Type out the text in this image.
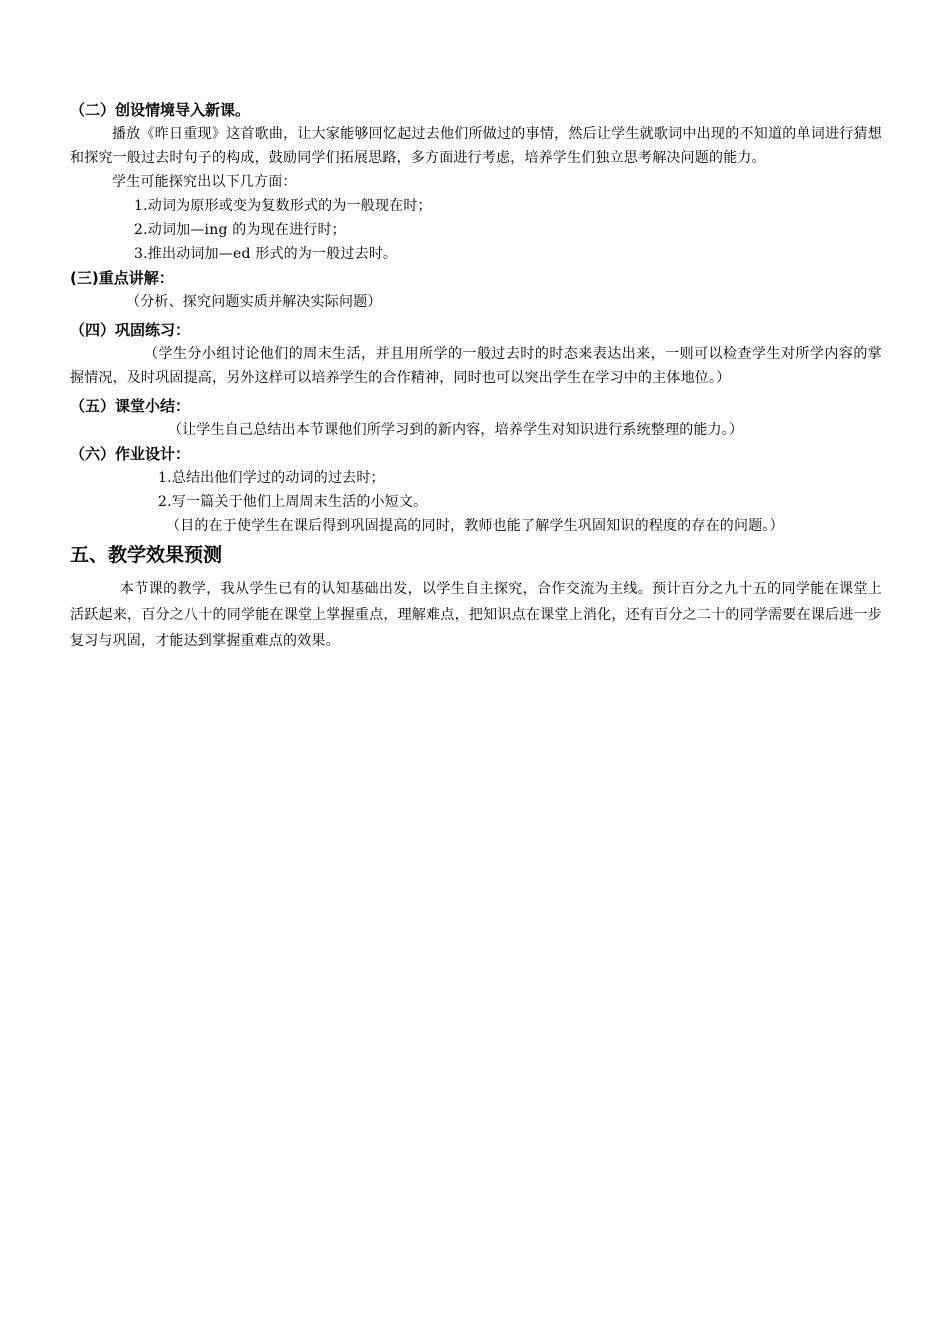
（二）创设情境导入新课。
播放《昨日重现》这首歌曲，让大家能够回忆起过去他们所做过的事情，然后让学生就歌词中出现的不知道的单词进行猜想和探究一般过去时句子的构成，鼓励同学们拓展思路，多方面进行考虑，培养学生们独立思考解决问题的能力。
学生可能探究出以下几方面：
1.动词为原形或变为复数形式的为一般现在时；
2.动词加—ing 的为现在进行时；
3.推出动词加—ed 形式的为一般过去时。
(三)重点讲解：
（分析、探究问题实质并解决实际问题）
（四）巩固练习：
（学生分小组讨论他们的周末生活，并且用所学的一般过去时的时态来表达出来，一则可以检查学生对所学内容的掌握情况，及时巩固提高，另外这样可以培养学生的合作精神，同时也可以突出学生在学习中的主体地位。）
（五）课堂小结：
（让学生自己总结出本节课他们所学习到的新内容，培养学生对知识进行系统整理的能力。）
（六）作业设计：
1.总结出他们学过的动词的过去时；
2.写一篇关于他们上周周末生活的小短文。
（目的在于使学生在课后得到巩固提高的同时，教师也能了解学生巩固知识的程度的存在的问题。）
五、教学效果预测
本节课的教学，我从学生已有的认知基础出发，以学生自主探究，合作交流为主线。预计百分之九十五的同学能在课堂上活跃起来，百分之八十的同学能在课堂上掌握重点，理解难点，把知识点在课堂上消化，还有百分之二十的同学需要在课后进一步复习与巩固，才能达到掌握重难点的效果。
